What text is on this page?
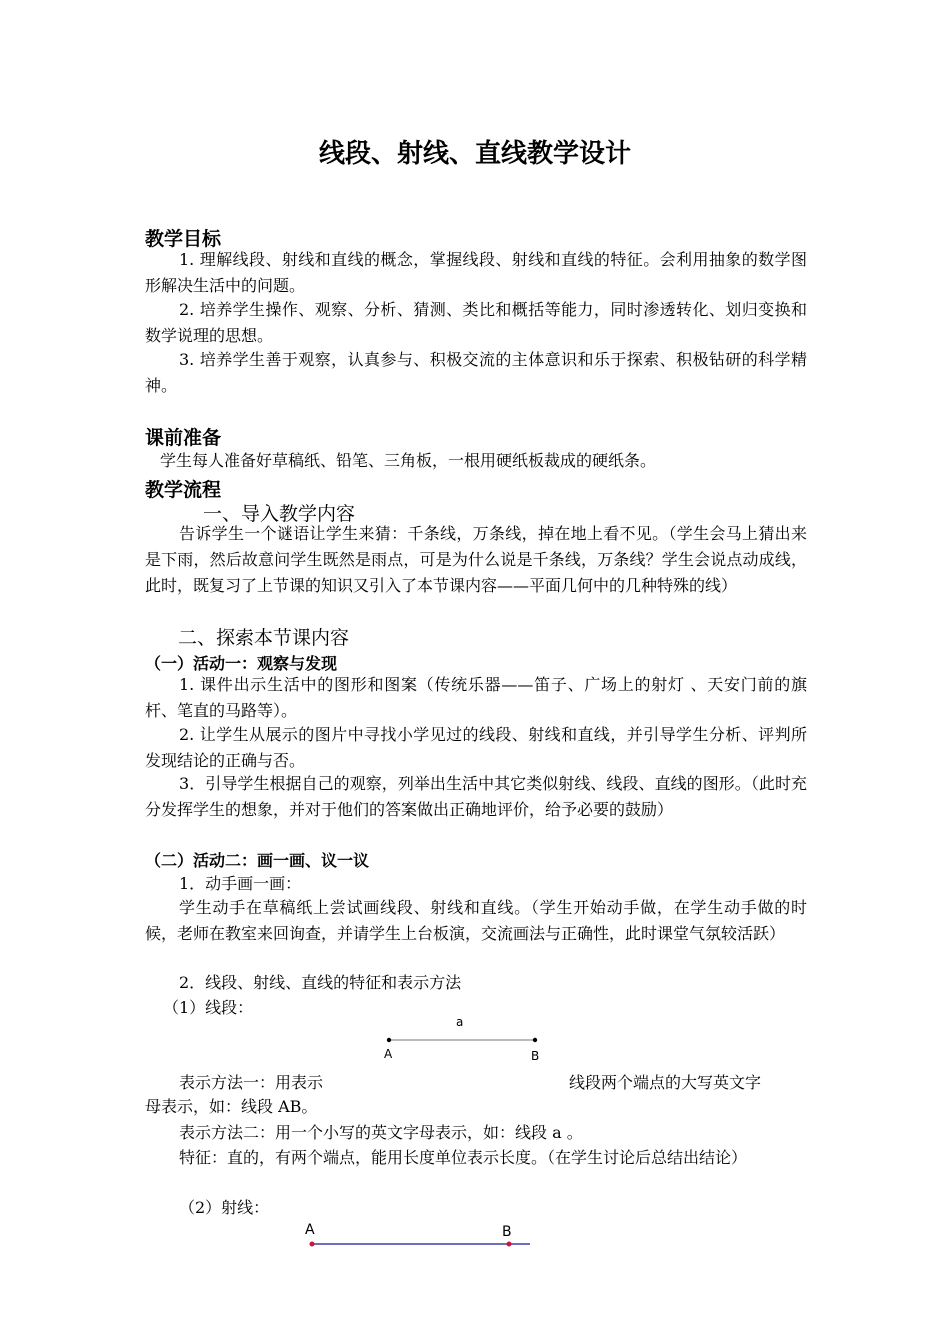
线段、射线、直线教学设计
教学目标

1. 理解线段、射线和直线的概念，掌握线段、射线和直线的特征。会利用抽象的数学图形解决生活中的问题。

2. 培养学生操作、观察、分析、猜测、类比和概括等能力，同时渗透转化、划归变换和数学说理的思想。

3. 培养学生善于观察，认真参与、积极交流的主体意识和乐于探索、积极钻研的科学精神。

课前准备

学生每人准备好草稿纸、铅笔、三角板，一根用硬纸板裁成的硬纸条。

教学流程
一、导入教学内容

告诉学生一个谜语让学生来猜：千条线，万条线，掉在地上看不见。（学生会马上猜出来是下雨，然后故意问学生既然是雨点，可是为什么说是千条线，万条线？学生会说点动成线，此时，既复习了上节课的知识又引入了本节课内容——平面几何中的几种特殊的线）

二、探索本节课内容
（一）活动一：观察与发现

1. 课件出示生活中的图形和图案（传统乐器——笛子、广场上的射灯 、天安门前的旗杆、笔直的马路等）。

2. 让学生从展示的图片中寻找小学见过的线段、射线和直线，并引导学生分析、评判所发现结论的正确与否。

3．引导学生根据自己的观察，列举出生活中其它类似射线、线段、直线的图形。（此时充分发挥学生的想象，并对于他们的答案做出正确地评价，给予必要的鼓励）

（二）活动二：画一画、议一议

1．动手画一画：

学生动手在草稿纸上尝试画线段、射线和直线。（学生开始动手做，在学生动手做的时候，老师在教室来回询查，并请学生上台板演，交流画法与正确性，此时课堂气氛较活跃）

2．线段、射线、直线的特征和表示方法

（1）线段：

a
A	B

表示方法一：用表示	线段两个端点的大写英文字

母表示，如：线段 AB。

表示方法二：用一个小写的英文字母表示，如：线段 a 。

特征：直的，有两个端点，能用长度单位表示长度。（在学生讨论后总结出结论）

（2）射线：

A	B
